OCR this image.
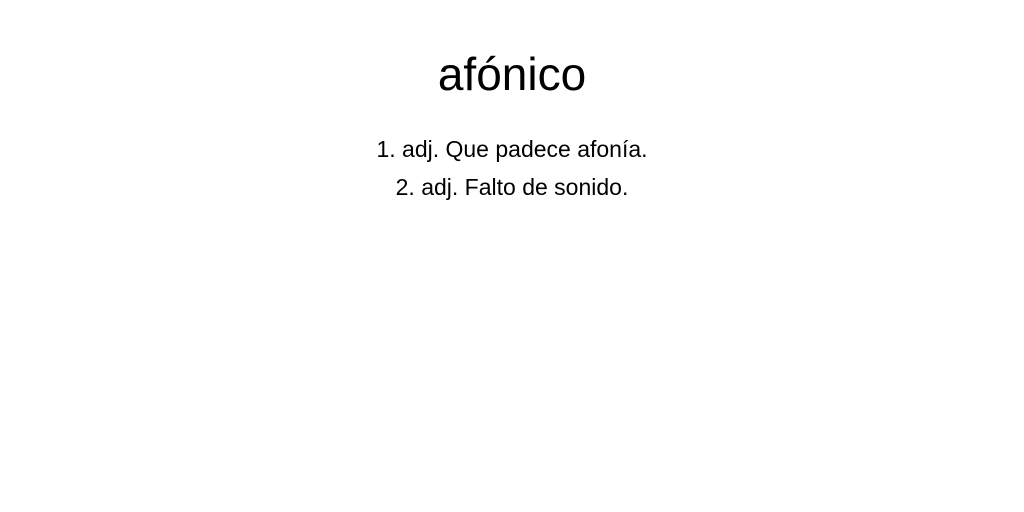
afónico
1. adj. Que padece afonía.
2. adj. Falto de sonido.
